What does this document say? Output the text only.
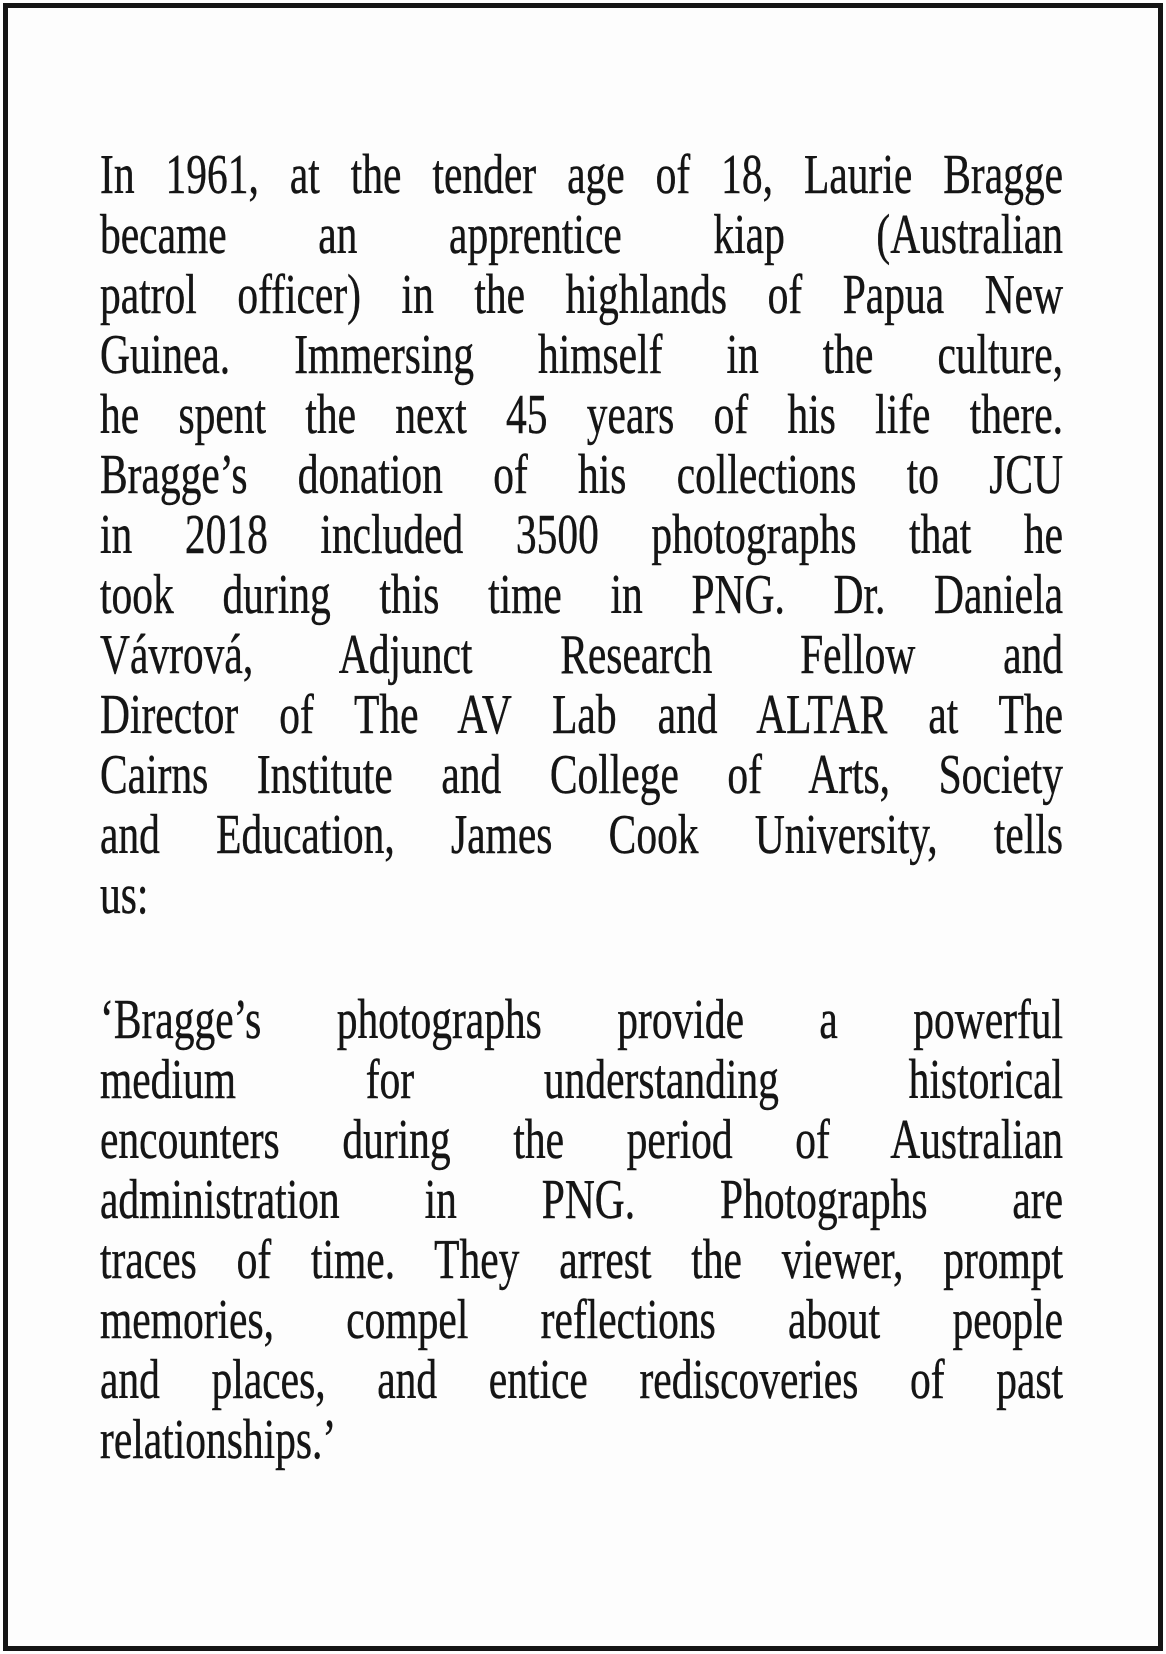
In 1961, at the tender age of 18, Laurie Bragge
became an apprentice kiap (Australian
patrol officer) in the highlands of Papua New
Guinea. Immersing himself in the culture,
he spent the next 45 years of his life there.
Bragge’s donation of his collections to JCU
in 2018 included 3500 photographs that he
took during this time in PNG. Dr. Daniela
Vávrová, Adjunct Research Fellow and
Director of The AV Lab and ALTAR at The
Cairns Institute and College of Arts, Society
and Education, James Cook University, tells
us:

‘Bragge’s photographs provide a powerful
medium for understanding historical
encounters during the period of Australian
administration in PNG. Photographs are
traces of time. They arrest the viewer, prompt
memories, compel reflections about people
and places, and entice rediscoveries of past
relationships.’
